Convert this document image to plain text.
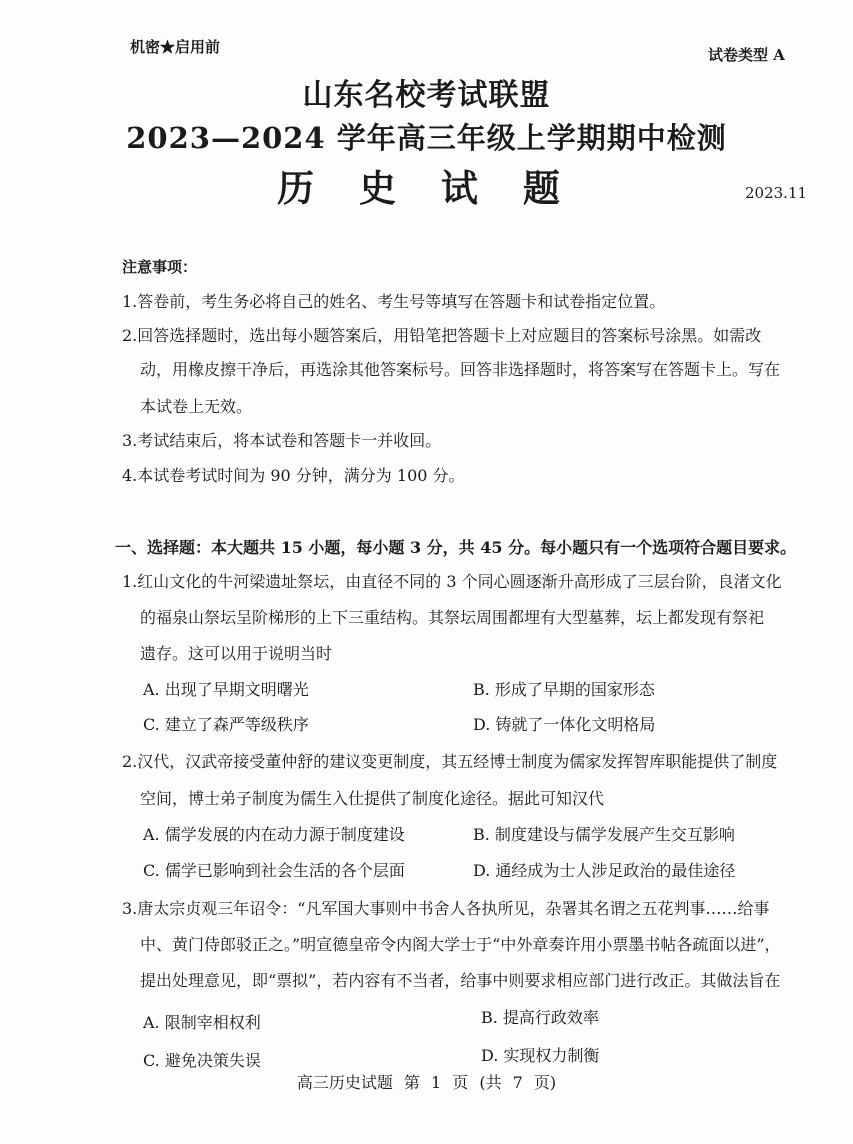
机密★启用前	试卷类型 A
山东名校考试联盟
2023—2024 学年高三年级上学期期中检测
历 史 试 题	2023.11
注意事项：
1.答卷前，考生务必将自己的姓名、考生号等填写在答题卡和试卷指定位置。
2.回答选择题时，选出每小题答案后，用铅笔把答题卡上对应题目的答案标号涂黑。如需改
动，用橡皮擦干净后，再选涂其他答案标号。回答非选择题时，将答案写在答题卡上。写在
本试卷上无效。
3.考试结束后，将本试卷和答题卡一并收回。
4.本试卷考试时间为 90 分钟，满分为 100 分。
一、选择题：本大题共 15 小题，每小题 3 分，共 45 分。每小题只有一个选项符合题目要求。
1.红山文化的牛河梁遗址祭坛，由直径不同的 3 个同心圆逐渐升高形成了三层台阶，良渚文化
的福泉山祭坛呈阶梯形的上下三重结构。其祭坛周围都埋有大型墓葬，坛上都发现有祭祀
遗存。这可以用于说明当时
A. 出现了早期文明曙光	B. 形成了早期的国家形态
C. 建立了森严等级秩序	D. 铸就了一体化文明格局
2.汉代，汉武帝接受董仲舒的建议变更制度，其五经博士制度为儒家发挥智库职能提供了制度
空间，博士弟子制度为儒生入仕提供了制度化途径。据此可知汉代
A. 儒学发展的内在动力源于制度建设	B. 制度建设与儒学发展产生交互影响
C. 儒学已影响到社会生活的各个层面	D. 通经成为士人涉足政治的最佳途径
3.唐太宗贞观三年诏令：“凡军国大事则中书舍人各执所见，杂署其名谓之五花判事……给事
中、黄门侍郎驳正之。”明宣德皇帝令内阁大学士于“中外章奏许用小票墨书帖各疏面以进”，
提出处理意见，即“票拟”，若内容有不当者，给事中则要求相应部门进行改正。其做法旨在
A. 限制宰相权利	B. 提高行政效率
C. 避免决策失误	D. 实现权力制衡
高三历史试题 第 1 页 (共 7 页)
